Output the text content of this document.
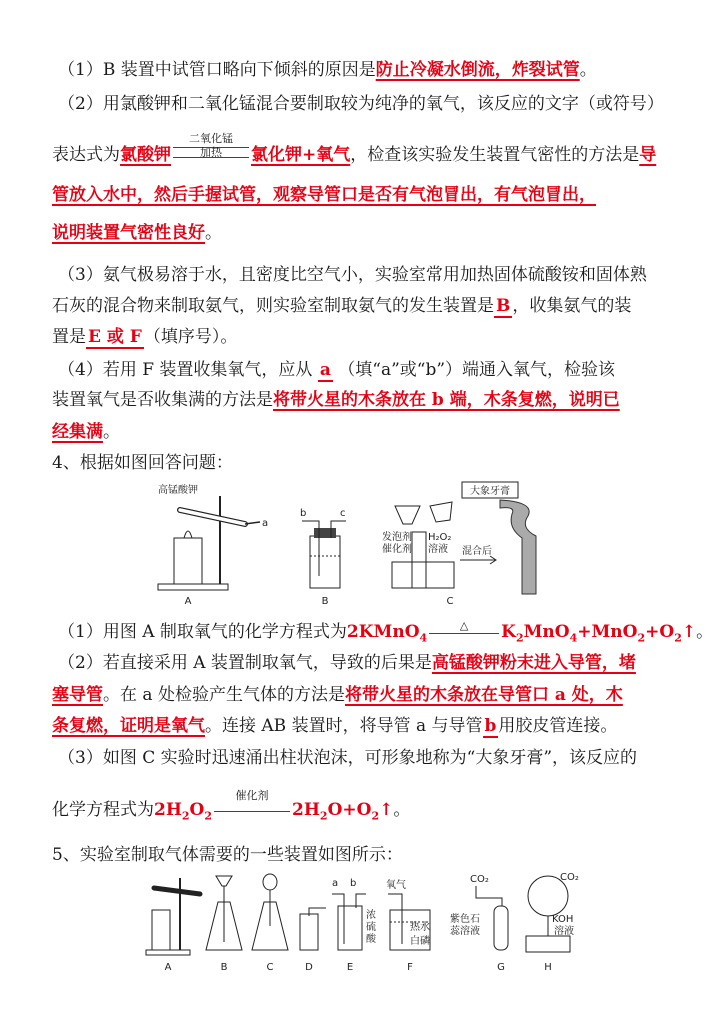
（1）B 装置中试管口略向下倾斜的原因是防止冷凝水倒流，炸裂试管。
（2）用氯酸钾和二氧化锰混合要制取较为纯净的氧气，该反应的文字（或符号）
表达式为氯酸钾
二氧化锰
加热	氯化钾+氧气，检查该实验发生装置气密性的方法是导
管放入水中，然后手握试管，观察导管口是否有气泡冒出，有气泡冒出，
说明装置气密性良好。
（3）氨气极易溶于水，且密度比空气小，实验室常用加热固体硫酸铵和固体熟
石灰的混合物来制取氨气，则实验室制取氨气的发生装置是 B ，收集氨气的装
置是 E 或 F （填序号）。
（4）若用 F 装置收集氧气，应从 a （填“a”或“b”）端通入氧气，检验该
装置氧气是否收集满的方法是将带火星的木条放在 b 端，木条复燃，说明已
经集满。
4、根据如图回答问题：
高锰酸钾
a
A
b	c
B
发泡剂
催化剂
H₂O₂
溶液 混合后
C
大象牙膏
（1）用图 A 制取氧气的化学方程式为2KMnO$_4$
△	$K_2MnO_4+MnO_2+O_2↑$。
（2）若直接采用 A 装置制取氧气，导致的后果是高锰酸钾粉末进入导管，堵
塞导管。在 a 处检验产生气体的方法是将带火星的木条放在导管口 a 处，木
条复燃，证明是氧气。连接 AB 装置时，将导管 a 与导管 b 用胶皮管连接。
（3）如图 C 实验时迅速涌出柱状泡沫，可形象地称为“大象牙膏”，该反应的
化学方程式为$2H_2O_2$
催化剂
$2H_2O+O_2↑$。
5、实验室制取气体需要的一些装置如图所示：
A	B	C	D
a b
浓
硫
酸
E
氧气
热水
白磷
F
CO₂
紫色石
蕊溶液
G
CO₂
KOH
溶液
H
